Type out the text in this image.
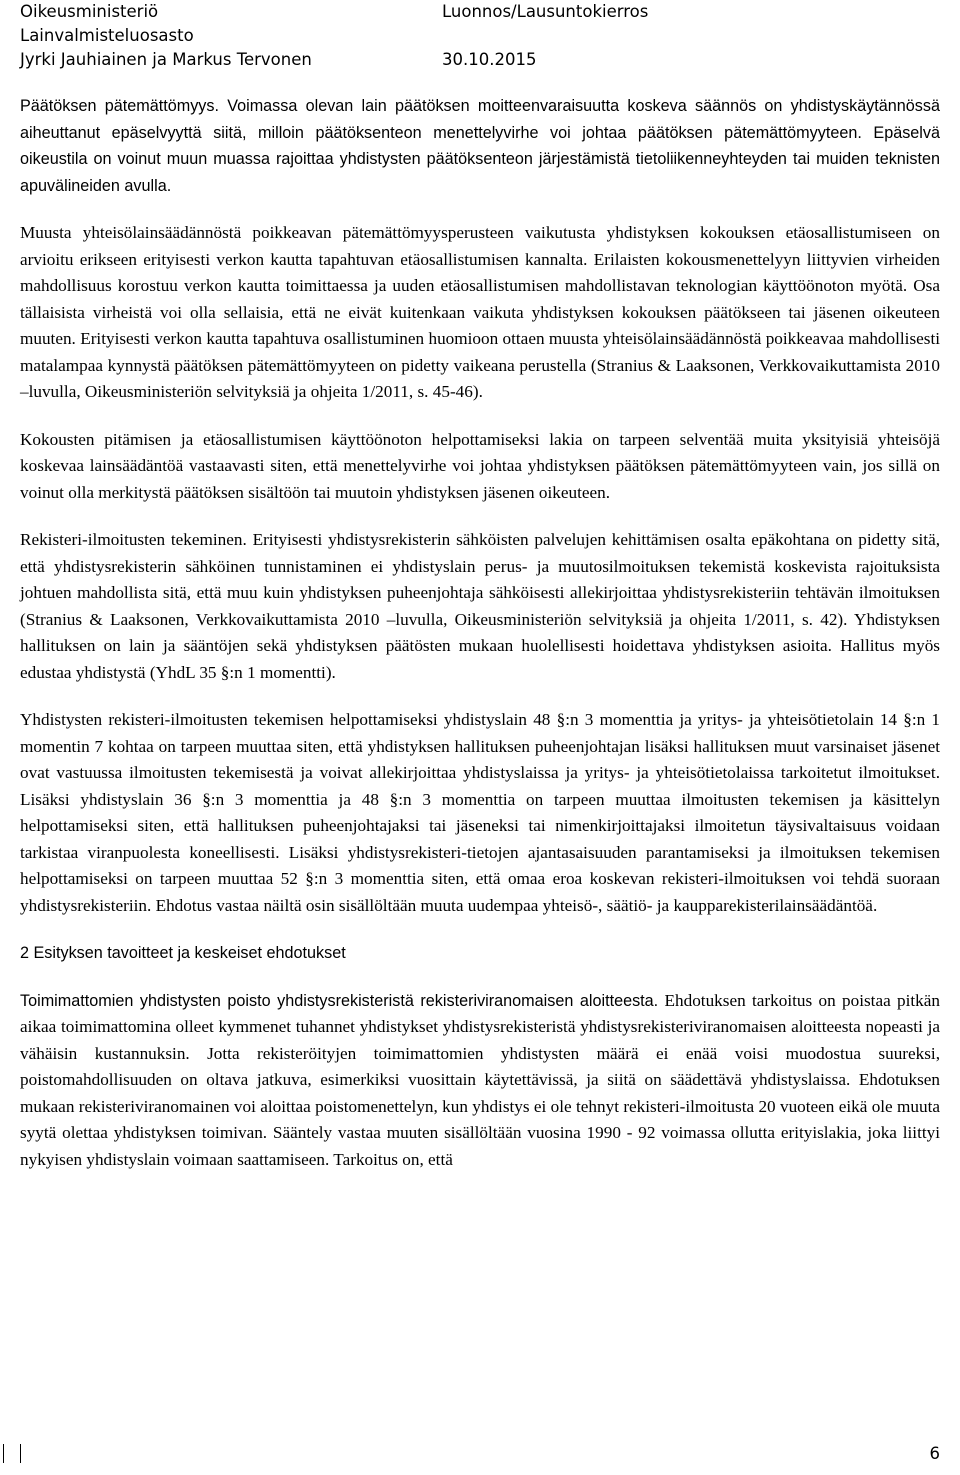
Oikeusministeriö	Luonnos/Lausuntokierros
Lainvalmisteluosasto
Jyrki Jauhiainen ja Markus Tervonen	30.10.2015

Päätöksen pätemättömyys. Voimassa olevan lain päätöksen moitteenvaraisuutta koskeva säännös on yhdistyskäytännössä aiheuttanut epäselvyyttä siitä, milloin päätöksenteon menettelyvirhe voi johtaa päätöksen pätemättömyyteen. Epäselvä oikeustila on voinut muun muassa rajoittaa yhdistysten päätöksenteon järjestämistä tietoliikenneyhteyden tai muiden teknisten apuvälineiden avulla.

Muusta yhteisölainsäädännöstä poikkeavan pätemättömyysperusteen vaikutusta yhdistyksen kokouksen etäosallistumiseen on arvioitu erikseen erityisesti verkon kautta tapahtuvan etäosallistumisen kannalta. Erilaisten kokousmenettelyyn liittyvien virheiden mahdollisuus korostuu verkon kautta toimittaessa ja uuden etäosallistumisen mahdollistavan teknologian käyttöönoton myötä. Osa tällaisista virheistä voi olla sellaisia, että ne eivät kuitenkaan vaikuta yhdistyksen kokouksen päätökseen tai jäsenen oikeuteen muuten. Erityisesti verkon kautta tapahtuva osallistuminen huomioon ottaen muusta yhteisölainsäädännöstä poikkeavaa mahdollisesti matalampaa kynnystä päätöksen pätemättömyyteen on pidetty vaikeana perustella (Stranius & Laaksonen, Verkkovaikuttamista 2010 –luvulla, Oikeusministeriön selvityksiä ja ohjeita 1/2011, s. 45-46).

Kokousten pitämisen ja etäosallistumisen käyttöönoton helpottamiseksi lakia on tarpeen selventää muita yksityisiä yhteisöjä koskevaa lainsäädäntöä vastaavasti siten, että menettelyvirhe voi johtaa yhdistyksen päätöksen pätemättömyyteen vain, jos sillä on voinut olla merkitystä päätöksen sisältöön tai muutoin yhdistyksen jäsenen oikeuteen.

Rekisteri-ilmoitusten tekeminen. Erityisesti yhdistysrekisterin sähköisten palvelujen kehittämisen osalta epäkohtana on pidetty sitä, että yhdistysrekisterin sähköinen tunnistaminen ei yhdistyslain perus- ja muutosilmoituksen tekemistä koskevista rajoituksista johtuen mahdollista sitä, että muu kuin yhdistyksen puheenjohtaja sähköisesti allekirjoittaa yhdistysrekisteriin tehtävän ilmoituksen (Stranius & Laaksonen, Verkkovaikuttamista 2010 –luvulla, Oikeusministeriön selvityksiä ja ohjeita 1/2011, s. 42). Yhdistyksen hallituksen on lain ja sääntöjen sekä yhdistyksen päätösten mukaan huolellisesti hoidettava yhdistyksen asioita. Hallitus myös edustaa yhdistystä (YhdL 35 §:n 1 momentti).

Yhdistysten rekisteri-ilmoitusten tekemisen helpottamiseksi yhdistyslain 48 §:n 3 momenttia ja yritys- ja yhteisötietolain 14 §:n 1 momentin 7 kohtaa on tarpeen muuttaa siten, että yhdistyksen hallituksen puheenjohtajan lisäksi hallituksen muut varsinaiset jäsenet ovat vastuussa ilmoitusten tekemisestä ja voivat allekirjoittaa yhdistyslaissa ja yritys- ja yhteisötietolaissa tarkoitetut ilmoitukset. Lisäksi yhdistyslain 36 §:n 3 momenttia ja 48 §:n 3 momenttia on tarpeen muuttaa ilmoitusten tekemisen ja käsittelyn helpottamiseksi siten, että hallituksen puheenjohtajaksi tai jäseneksi tai nimenkirjoittajaksi ilmoitetun täysivaltaisuus voidaan tarkistaa viranpuolesta koneellisesti. Lisäksi yhdistysrekisteri-tietojen ajantasaisuuden parantamiseksi ja ilmoituksen tekemisen helpottamiseksi on tarpeen muuttaa 52 §:n 3 momenttia siten, että omaa eroa koskevan rekisteri-ilmoituksen voi tehdä suoraan yhdistysrekisteriin. Ehdotus vastaa näiltä osin sisällöltään muuta uudempaa yhteisö-, säätiö- ja kaupparekisterilainsäädäntöä.

2 Esityksen tavoitteet ja keskeiset ehdotukset

Toimimattomien yhdistysten poisto yhdistysrekisteristä rekisteriviranomaisen aloitteesta. Ehdotuksen tarkoitus on poistaa pitkän aikaa toimimattomina olleet kymmenet tuhannet yhdistykset yhdistysrekisteristä yhdistysrekisteriviranomaisen aloitteesta nopeasti ja vähäisin kustannuksin. Jotta rekisteröityjen toimimattomien yhdistysten määrä ei enää voisi muodostua suureksi, poistomahdollisuuden on oltava jatkuva, esimerkiksi vuosittain käytettävissä, ja siitä on säädettävä yhdistyslaissa. Ehdotuksen mukaan rekisteriviranomainen voi aloittaa poistomenettelyn, kun yhdistys ei ole tehnyt rekisteri-ilmoitusta 20 vuoteen eikä ole muuta syytä olettaa yhdistyksen toimivan. Sääntely vastaa muuten sisällöltään vuosina 1990 - 92 voimassa ollutta erityislakia, joka liittyi nykyisen yhdistyslain voimaan saattamiseen. Tarkoitus on, että

6
